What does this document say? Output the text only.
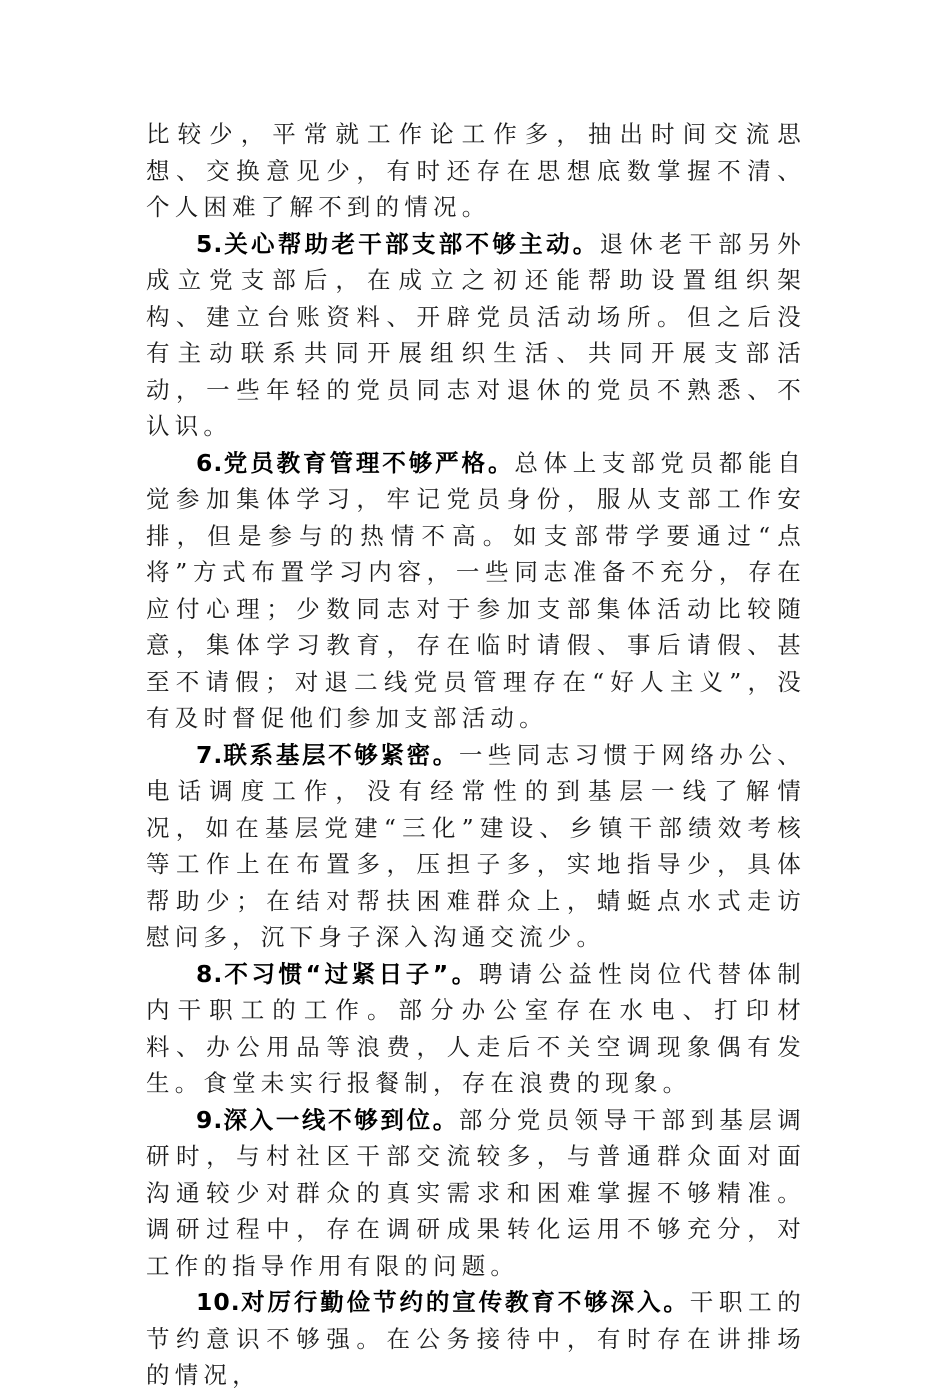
比较少，平常就工作论工作多，抽出时间交流思想、交换意见少，有时还存在思想底数掌握不清、个人困难了解不到的情况。

5.关心帮助老干部支部不够主动。退休老干部另外成立党支部后，在成立之初还能帮助设置组织架构、建立台账资料、开辟党员活动场所。但之后没有主动联系共同开展组织生活、共同开展支部活动，一些年轻的党员同志对退休的党员不熟悉、不认识。

6.党员教育管理不够严格。总体上支部党员都能自觉参加集体学习，牢记党员身份，服从支部工作安排，但是参与的热情不高。如支部带学要通过“点将”方式布置学习内容，一些同志准备不充分，存在应付心理；少数同志对于参加支部集体活动比较随意，集体学习教育，存在临时请假、事后请假、甚至不请假；对退二线党员管理存在“好人主义”，没有及时督促他们参加支部活动。

7.联系基层不够紧密。一些同志习惯于网络办公、电话调度工作，没有经常性的到基层一线了解情况，如在基层党建“三化”建设、乡镇干部绩效考核等工作上在布置多，压担子多，实地指导少，具体帮助少；在结对帮扶困难群众上，蜻蜓点水式走访慰问多，沉下身子深入沟通交流少。

8.不习惯“过紧日子”。聘请公益性岗位代替体制内干职工的工作。部分办公室存在水电、打印材料、办公用品等浪费，人走后不关空调现象偶有发生。食堂未实行报餐制，存在浪费的现象。

9.深入一线不够到位。部分党员领导干部到基层调研时，与村社区干部交流较多，与普通群众面对面沟通较少对群众的真实需求和困难掌握不够精准。调研过程中，存在调研成果转化运用不够充分，对工作的指导作用有限的问题。

10.对厉行勤俭节约的宣传教育不够深入。干职工的节约意识不够强。在公务接待中，有时存在讲排场的情况，
